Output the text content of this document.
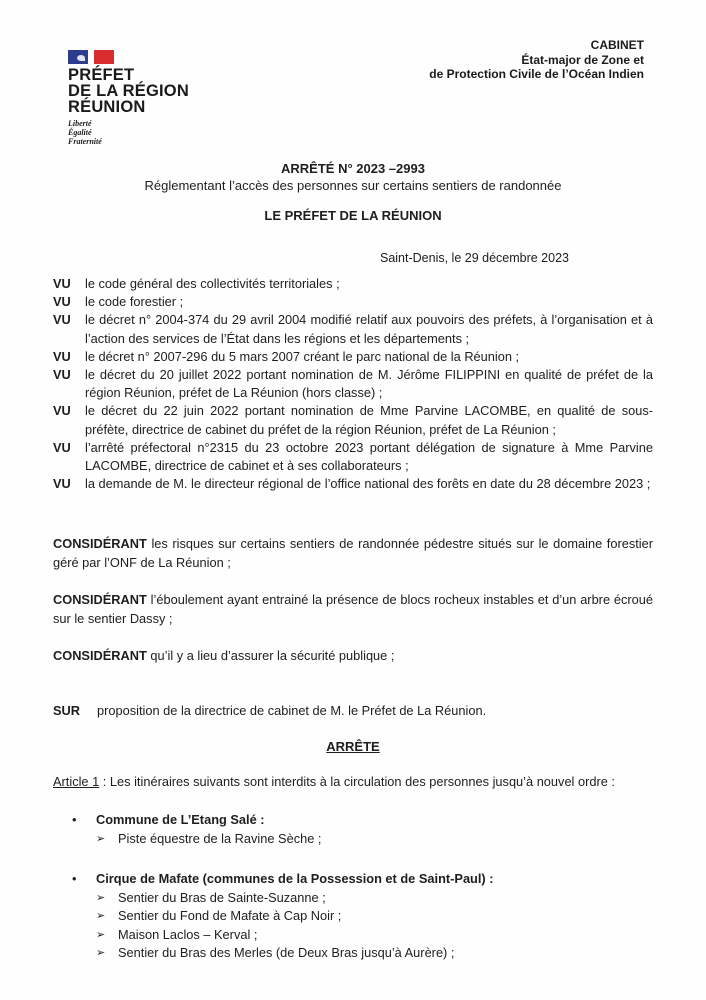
PRÉFET
DE LA RÉGION
RÉUNION
Liberté
Égalité
Fraternité
CABINET
État-major de Zone et
de Protection Civile de l’Océan Indien
ARRÊTÉ N° 2023 –2993
Réglementant l’accès des personnes sur certains sentiers de randonnée
LE PRÉFET DE LA RÉUNION
Saint-Denis, le 29 décembre 2023
VU	le code général des collectivités territoriales ;
VU	le code forestier ;
VU	le décret n° 2004-374 du 29 avril 2004 modifié relatif aux pouvoirs des préfets, à l’organisation et à l’action des services de l’État dans les régions et les départements ;
VU	le décret n° 2007-296 du 5 mars 2007 créant le parc national de la Réunion ;
VU	le décret du 20 juillet 2022 portant nomination de M. Jérôme FILIPPINI en qualité de préfet de la région Réunion, préfet de La Réunion (hors classe) ;
VU	le décret du 22 juin 2022 portant nomination de Mme Parvine LACOMBE, en qualité de sous-préfète, directrice de cabinet du préfet de la région Réunion, préfet de La Réunion ;
VU	l’arrêté préfectoral n°2315 du 23 octobre 2023 portant délégation de signature à Mme Parvine LACOMBE, directrice de cabinet et à ses collaborateurs ;
VU	la demande de M. le directeur régional de l’office national des forêts en date du 28 décembre 2023 ;
CONSIDÉRANT les risques sur certains sentiers de randonnée pédestre situés sur le domaine forestier géré par l’ONF de La Réunion ;
CONSIDÉRANT l’éboulement ayant entrainé la présence de blocs rocheux instables et d’un arbre écroué sur le sentier Dassy ;
CONSIDÉRANT qu’il y a lieu d’assurer la sécurité publique ;
SUR	proposition de la directrice de cabinet de M. le Préfet de La Réunion.
ARRÊTE
Article 1 : Les itinéraires suivants sont interdits à la circulation des personnes jusqu’à nouvel ordre :
•	Commune de L’Etang Salé :
➢ Piste équestre de la Ravine Sèche ;
•	Cirque de Mafate (communes de la Possession et de Saint-Paul) :
➢ Sentier du Bras de Sainte-Suzanne ;
➢ Sentier du Fond de Mafate à Cap Noir ;
➢ Maison Laclos – Kerval ;
➢ Sentier du Bras des Merles (de Deux Bras jusqu’à Aurère) ;
